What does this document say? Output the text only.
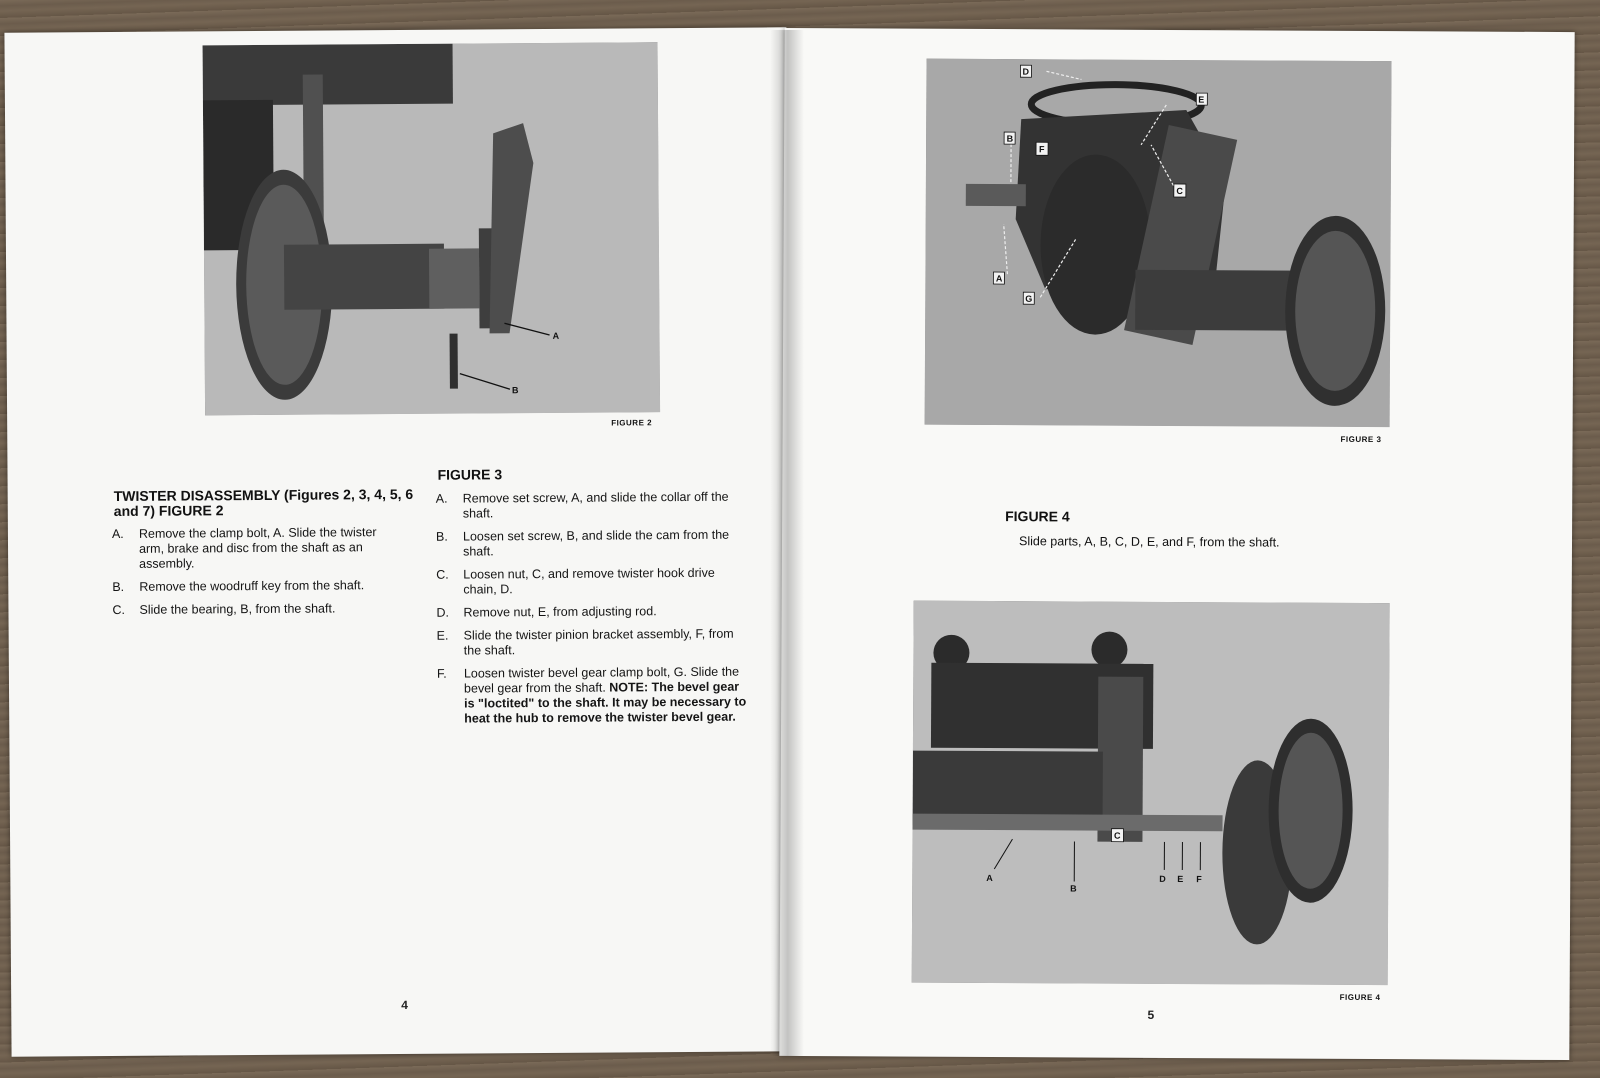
A
B
FIGURE 2
TWISTER DISASSEMBLY (Figures 2, 3, 4, 5, 6 and 7) FIGURE 2
A. Remove the clamp bolt, A. Slide the twister arm, brake and disc from the shaft as an assembly.
B. Remove the woodruff key from the shaft.
C. Slide the bearing, B, from the shaft.
FIGURE 3
A. Remove set screw, A, and slide the collar off the shaft.
B. Loosen set screw, B, and slide the cam from the shaft.
C. Loosen nut, C, and remove twister hook drive chain, D.
D. Remove nut, E, from adjusting rod.
E. Slide the twister pinion bracket assembly, F, from the shaft.
F. Loosen twister bevel gear clamp bolt, G. Slide the bevel gear from the shaft. NOTE: The bevel gear is "loctited" to the shaft. It may be necessary to heat the hub to remove the twister bevel gear.
4
D
E
B
F
C
A
G
FIGURE 3
FIGURE 4
Slide parts, A, B, C, D, E, and F, from the shaft.
C
A
B
D E F
FIGURE 4
5
